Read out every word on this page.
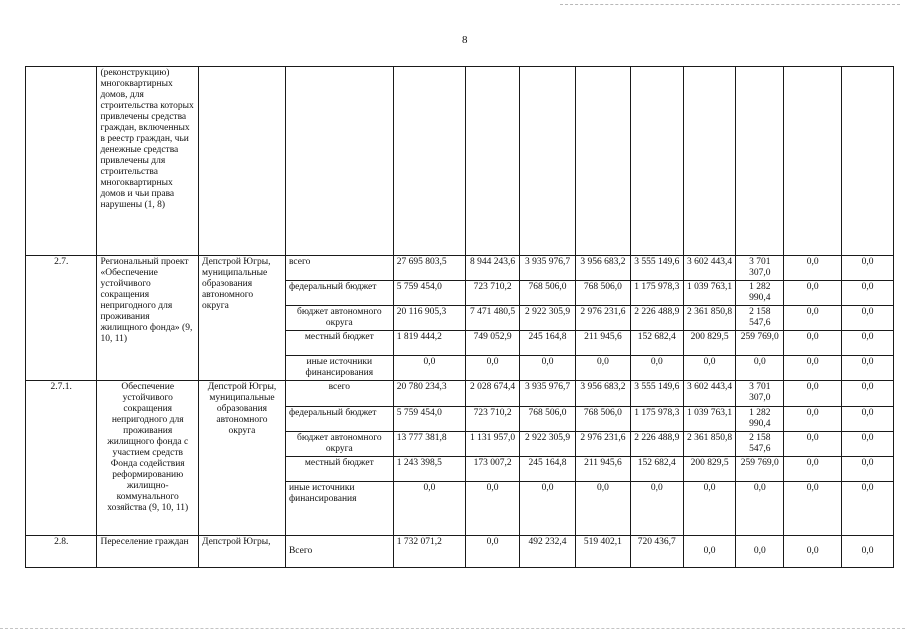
8
	(реконструкцию) многоквартирных домов, для строительства которых привлечены средства граждан, включенных в реестр граждан, чьи денежные средства привлечены для строительства многоквартирных домов и чьи права нарушены (1, 8)											
2.7.	Региональный проект «Обеспечение устойчивого сокращения непригодного для проживания жилищного фонда» (9, 10, 11)	Депстрой Югры, муниципальные образования автономного округа	всего	27 695 803,5	8 944 243,6	3 935 976,7	3 956 683,2	3 555 149,6	3 602 443,4	3 701 307,0	0,0	0,0
			федеральный бюджет	5 759 454,0	723 710,2	768 506,0	768 506,0	1 175 978,3	1 039 763,1	1 282 990,4	0,0	0,0
			бюджет автономного округа	20 116 905,3	7 471 480,5	2 922 305,9	2 976 231,6	2 226 488,9	2 361 850,8	2 158 547,6	0,0	0,0
			местный бюджет	1 819 444,2	749 052,9	245 164,8	211 945,6	152 682,4	200 829,5	259 769,0	0,0	0,0
			иные источники финансирования	0,0	0,0	0,0	0,0	0,0	0,0	0,0	0,0	0,0
2.7.1.	Обеспечение устойчивого сокращения непригодного для проживания жилищного фонда с участием средств Фонда содействия реформированию жилищно-коммунального хозяйства (9, 10, 11)	Депстрой Югры, муниципальные образования автономного округа	всего	20 780 234,3	2 028 674,4	3 935 976,7	3 956 683,2	3 555 149,6	3 602 443,4	3 701 307,0	0,0	0,0
			федеральный бюджет	5 759 454,0	723 710,2	768 506,0	768 506,0	1 175 978,3	1 039 763,1	1 282 990,4	0,0	0,0
			бюджет автономного округа	13 777 381,8	1 131 957,0	2 922 305,9	2 976 231,6	2 226 488,9	2 361 850,8	2 158 547,6	0,0	0,0
			местный бюджет	1 243 398,5	173 007,2	245 164,8	211 945,6	152 682,4	200 829,5	259 769,0	0,0	0,0
			иные источники финансирования	0,0	0,0	0,0	0,0	0,0	0,0	0,0	0,0	0,0
2.8.	Переселение граждан	Депстрой Югры,	Всего	1 732 071,2	0,0	492 232,4	519 402,1	720 436,7	0,0	0,0	0,0	0,0
